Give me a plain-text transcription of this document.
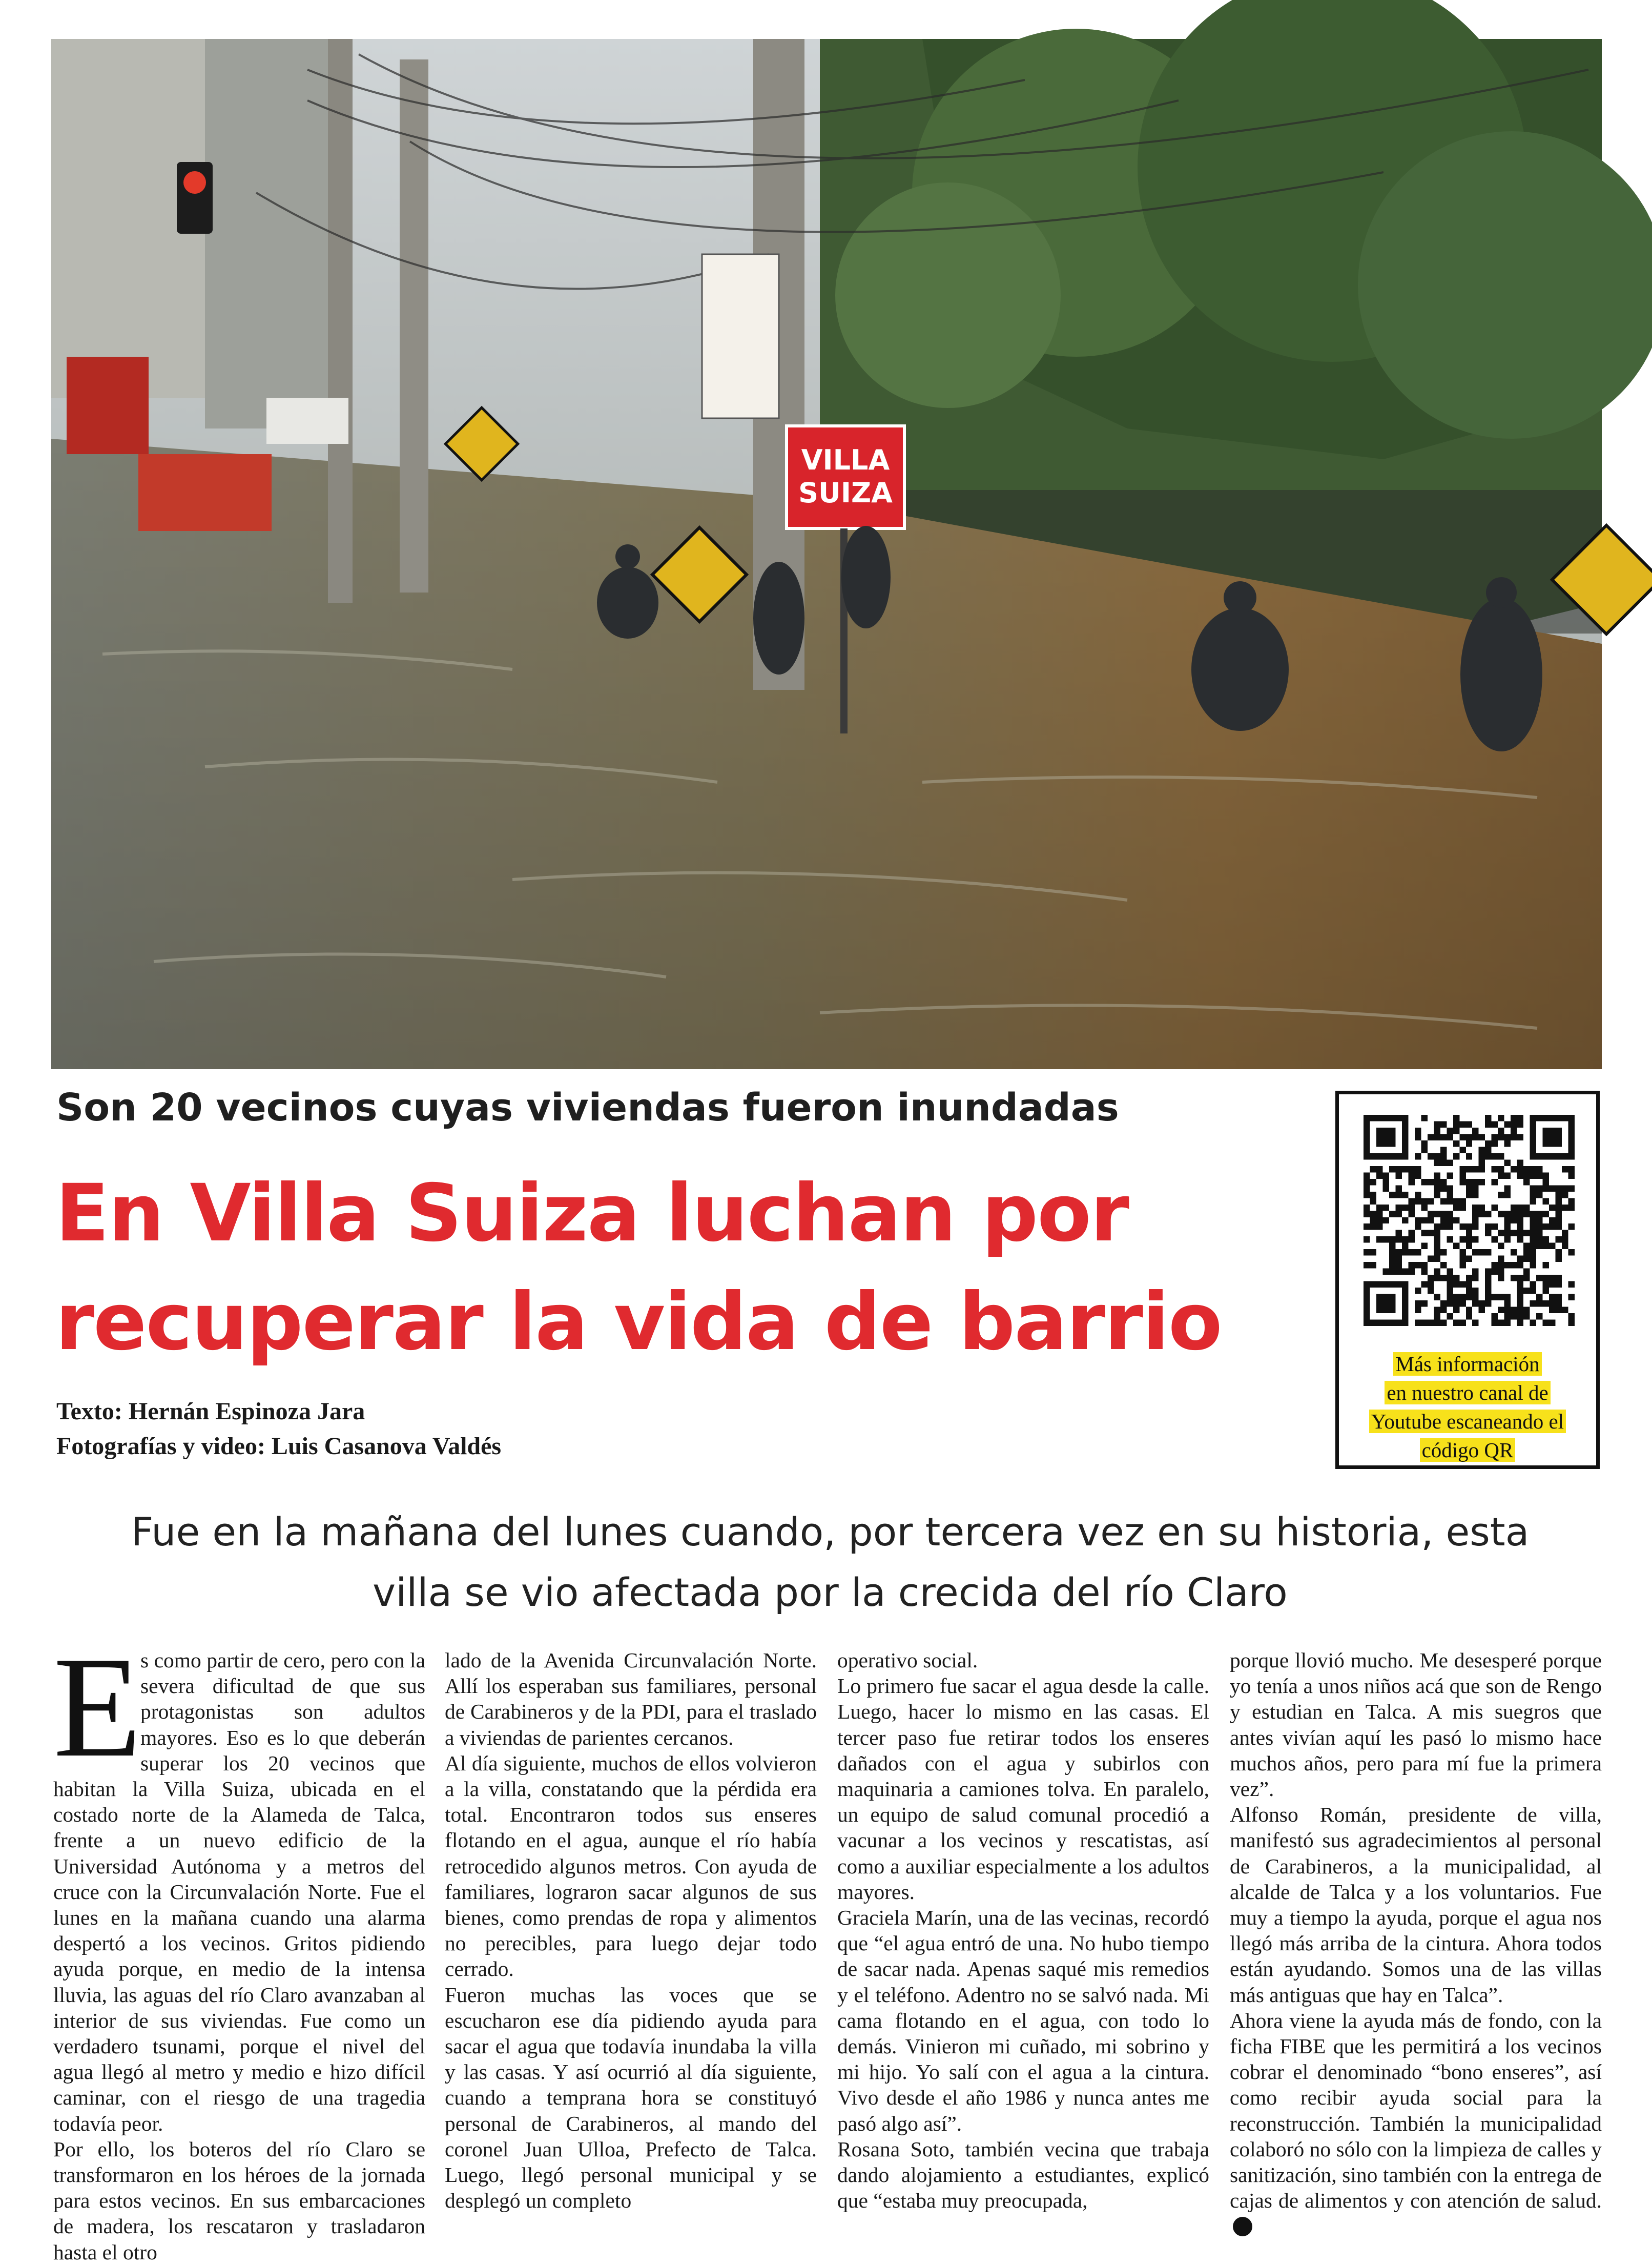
VILLA SUIZA
Son 20 vecinos cuyas viviendas fueron inundadas
En Villa Suiza luchan por
recuperar la vida de barrio
Texto: Hernán Espinoza Jara
Fotografías y video: Luis Casanova Valdés
Más información
en nuestro canal de
Youtube escaneando el
código QR
Fue en la mañana del lunes cuando, por tercera vez en su historia, esta
villa se vio afectada por la crecida del río Claro

E
s como partir de cero, pero con la severa dificultad de que sus protagonistas son adultos mayores. Eso es lo que deberán superar los 20 vecinos que habitan la Villa Suiza, ubicada en el costado norte de la Alameda de Talca, frente a un nuevo edificio de la Universidad Autónoma y a metros del cruce con la Circunvalación Norte. Fue el lunes en la mañana cuando una alarma despertó a los vecinos. Gritos pidiendo ayuda porque, en medio de la intensa lluvia, las aguas del río Claro avanzaban al interior de sus viviendas. Fue como un verdadero tsunami, porque el nivel del agua llegó al metro y medio e hizo difícil caminar, con el riesgo de una tragedia todavía peor.

Por ello, los boteros del río Claro se transformaron en los héroes de la jornada para estos vecinos. En sus embarcaciones de madera, los rescataron y trasladaron hasta el otro

lado de la Avenida Circunvalación Norte. Allí los esperaban sus familiares, personal de Carabineros y de la PDI, para el traslado a viviendas de parientes cercanos.

Al día siguiente, muchos de ellos volvieron a la villa, constatando que la pérdida era total. Encontraron todos sus enseres flotando en el agua, aunque el río había retrocedido algunos metros. Con ayuda de familiares, lograron sacar algunos de sus bienes, como prendas de ropa y alimentos no perecibles, para luego dejar todo cerrado.

Fueron muchas las voces que se escucharon ese día pidiendo ayuda para sacar el agua que todavía inundaba la villa y las casas. Y así ocurrió al día siguiente, cuando a temprana hora se constituyó personal de Carabineros, al mando del coronel Juan Ulloa, Prefecto de Talca. Luego, llegó personal municipal y se desplegó un completo

operativo social.

Lo primero fue sacar el agua desde la calle. Luego, hacer lo mismo en las casas. El tercer paso fue retirar todos los enseres dañados con el agua y subirlos con maquinaria a camiones tolva. En paralelo, un equipo de salud comunal procedió a vacunar a los vecinos y rescatistas, así como a auxiliar especialmente a los adultos mayores.

Graciela Marín, una de las vecinas, recordó que “el agua entró de una. No hubo tiempo de sacar nada. Apenas saqué mis remedios y el teléfono. Adentro no se salvó nada. Mi cama flotando en el agua, con todo lo demás. Vinieron mi cuñado, mi sobrino y mi hijo. Yo salí con el agua a la cintura. Vivo desde el año 1986 y nunca antes me pasó algo así”.

Rosana Soto, también vecina que trabaja dando alojamiento a estudiantes, explicó que “estaba muy preocupada,

porque llovió mucho. Me desesperé porque yo tenía a unos niños acá que son de Rengo y estudian en Talca. A mis suegros que antes vivían aquí les pasó lo mismo hace muchos años, pero para mí fue la primera vez”.

Alfonso Román, presidente de villa, manifestó sus agradecimientos al personal de Carabineros, a la municipalidad, al alcalde de Talca y a los voluntarios. Fue muy a tiempo la ayuda, porque el agua nos llegó más arriba de la cintura. Ahora todos están ayudando. Somos una de las villas más antiguas que hay en Talca”.

Ahora viene la ayuda más de fondo, con la ficha FIBE que les permitirá a los vecinos cobrar el denominado “bono enseres”, así como recibir ayuda social para la reconstrucción. También la municipalidad colaboró no sólo con la limpieza de calles y sanitización, sino también con la entrega de cajas de alimentos y con atención de salud.
